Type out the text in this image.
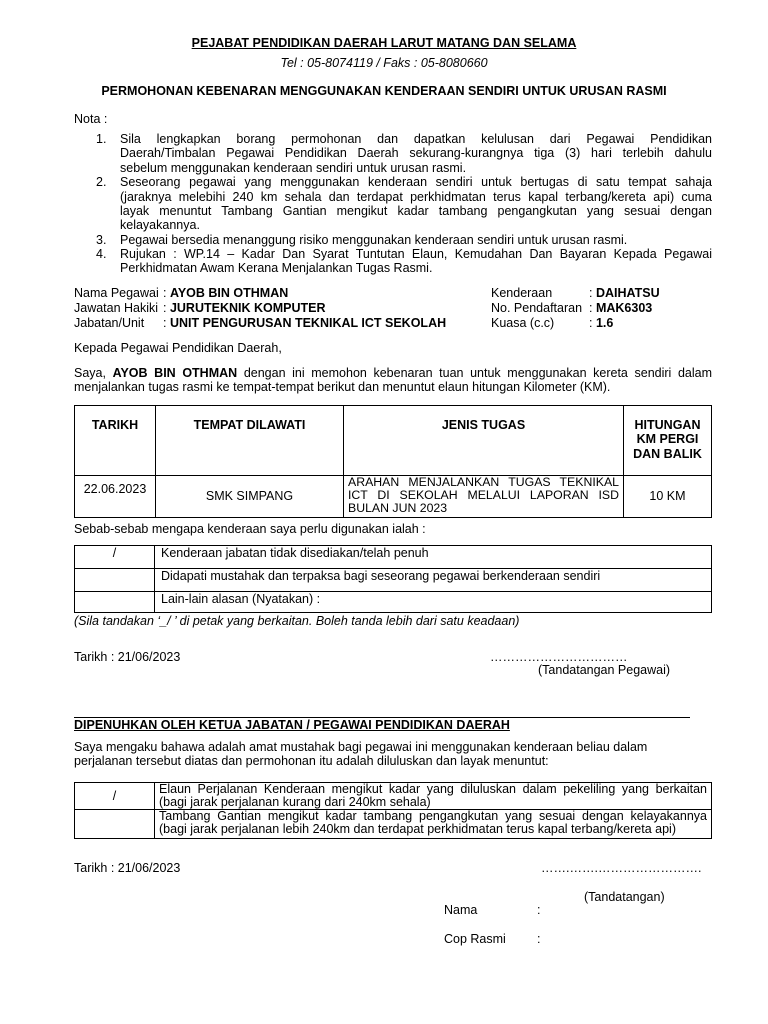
PEJABAT PENDIDIKAN DAERAH LARUT MATANG DAN SELAMA
Tel : 05-8074119 / Faks : 05-8080660
PERMOHONAN KEBENARAN MENGGUNAKAN KENDERAAN SENDIRI UNTUK URUSAN RASMI
Nota :
1. Sila lengkapkan borang permohonan dan dapatkan kelulusan dari Pegawai Pendidikan
Daerah/Timbalan Pegawai Pendidikan Daerah sekurang-kurangnya tiga (3) hari terlebih dahulu
sebelum menggunakan kenderaan sendiri untuk urusan rasmi.
2. Seseorang pegawai yang menggunakan kenderaan sendiri untuk bertugas di satu tempat sahaja
(jaraknya melebihi 240 km sehala dan terdapat perkhidmatan terus kapal terbang/kereta api) cuma
layak menuntut Tambang Gantian mengikut kadar tambang pengangkutan yang sesuai dengan
kelayakannya.
3. Pegawai bersedia menanggung risiko menggunakan kenderaan sendiri untuk urusan rasmi.
4. Rujukan : WP.14 – Kadar Dan Syarat Tuntutan Elaun, Kemudahan Dan Bayaran Kepada Pegawai
Perkhidmatan Awam Kerana Menjalankan Tugas Rasmi.
Nama Pegawai : AYOB BIN OTHMAN
Jawatan Hakiki : JURUTEKNIK KOMPUTER
Jabatan/Unit : UNIT PENGURUSAN TEKNIKAL ICT SEKOLAH
Kenderaan	: DAIHATSU
No. Pendaftaran : MAK6303
Kuasa (c.c)	: 1.6
Kepada Pegawai Pendidikan Daerah,
Saya, AYOB BIN OTHMAN dengan ini memohon kebenaran tuan untuk menggunakan kereta sendiri dalam
menjalankan tugas rasmi ke tempat-tempat berikut dan menuntut elaun hitungan Kilometer (KM).
TARIKH	TEMPAT DILAWATI	JENIS TUGAS	HITUNGAN KM PERGI DAN BALIK
22.06.2023	SMK SIMPANG	ARAHAN MENJALANKAN TUGAS TEKNIKAL
ICT DI SEKOLAH MELALUI LAPORAN ISD
BULAN JUN 2023	10 KM
Sebab-sebab mengapa kenderaan saya perlu digunakan ialah :
/	Kenderaan jabatan tidak disediakan/telah penuh
	Didapati mustahak dan terpaksa bagi seseorang pegawai berkenderaan sendiri
	Lain-lain alasan (Nyatakan) :
(Sila tandakan ‘_/ ’ di petak yang berkaitan. Boleh tanda lebih dari satu keadaan)
Tarikh : 21/06/2023	……………………………
(Tandatangan Pegawai)
DIPENUHKAN OLEH KETUA JABATAN / PEGAWAI PENDIDIKAN DAERAH
Saya mengaku bahawa adalah amat mustahak bagi pegawai ini menggunakan kenderaan beliau dalam
perjalanan tersebut diatas dan permohonan itu adalah diluluskan dan layak menuntut:
/	Elaun Perjalanan Kenderaan mengikut kadar yang diluluskan dalam pekeliling yang berkaitan
(bagi jarak perjalanan kurang dari 240km sehala)

	Tambang Gantian mengikut kadar tambang pengangkutan yang sesuai dengan kelayakannya
(bagi jarak perjalanan lebih 240km dan terdapat perkhidmatan terus kapal terbang/kereta api)
Tarikh : 21/06/2023	…….…….…………………….
(Tandatangan)
Nama	:
Cop Rasmi :
